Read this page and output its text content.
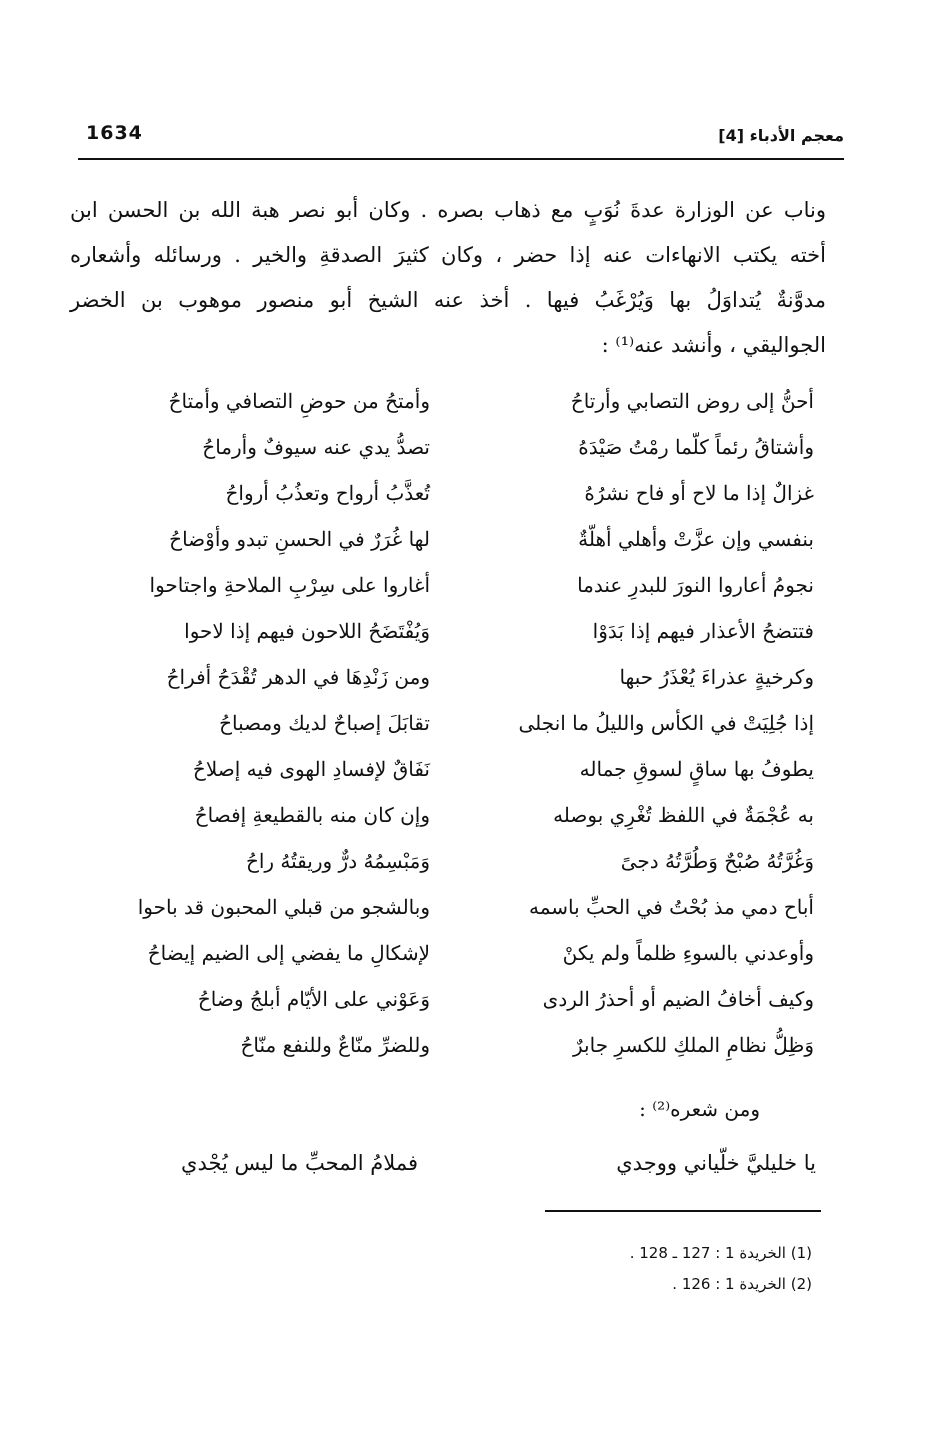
1634	معجم الأدباء [4]
وناب عن الوزارة عدةَ نُوَبٍ مع ذهاب بصره . وكان أبو نصر هبة الله بن الحسن ابن
أخته يكتب الانهاءات عنه إذا حضر ، وكان كثيرَ الصدقةِ والخير . ورسائله وأشعاره
مدوَّنةٌ يُتداوَلُ بها وَيُرْغَبُ فيها . أخذ عنه الشيخ أبو منصور موهوب بن الخضر
الجواليقي ، وأنشد عنه⁽¹⁾ :
أحنُّ إلى روض التصابي وأرتاحُ
وأمتحُ من حوضِ التصافي وأمتاحُ
وأشتاقُ رئماً كلّما رمْتُ صَيْدَهُ
تصدُّ يدي عنه سيوفٌ وأرماحُ
غزالٌ إذا ما لاح أو فاح نشرُهُ
تُعذَّبُ أرواح وتعذُبُ أرواحُ
بنفسي وإن عزَّتْ وأهلي أهلّةٌ
لها غُرَرٌ في الحسنِ تبدو وأوْضاحُ
نجومُ أعاروا النورَ للبدرِ عندما
أغاروا على سِرْبِ الملاحةِ واجتاحوا
فتتضحُ الأعذار فيهم إذا بَدَوْا
وَيُفْتَضَحُ اللاحون فيهم إذا لاحوا
وكرخيةٍ عذراءَ يُعْذَرُ حبها
ومن زَنْدِهَا في الدهر تُقْدَحُ أفراحُ
إذا جُلِيَتْ في الكأس والليلُ ما انجلى
تقابَلَ إصباحٌ لديك ومصباحُ
يطوفُ بها ساقٍ لسوقِ جماله
نَفَاقٌ لإفسادِ الهوى فيه إصلاحُ
به عُجْمَةٌ في اللفظ تُغْرِي بوصله
وإن كان منه بالقطيعةِ إفصاحُ
وَغُرَّتُهُ صُبْحٌ وَطُرَّتُهُ دجىً
وَمَبْسِمُهُ درٌّ وريقتُهُ راحُ
أباح دمي مذ بُحْتُ في الحبِّ باسمه
وبالشجو من قبلي المحبون قد باحوا
وأوعدني بالسوءِ ظلماً ولم يكنْ
لإشكالِ ما يفضي إلى الضيم إيضاحُ
وكيف أخافُ الضيم أو أحذرُ الردى
وَعَوْني على الأيّام أبلجُ وضاحُ
وَظِلُّ نظامِ الملكِ للكسرِ جابرٌ
وللضرِّ منّاعٌ وللنفع منّاحُ
ومن شعره⁽²⁾ :
يا خليليَّ خلّياني ووجدي
فملامُ المحبِّ ما ليس يُجْدي
(1) الخريدة 1 : 127 ـ 128 .
(2) الخريدة 1 : 126 .
